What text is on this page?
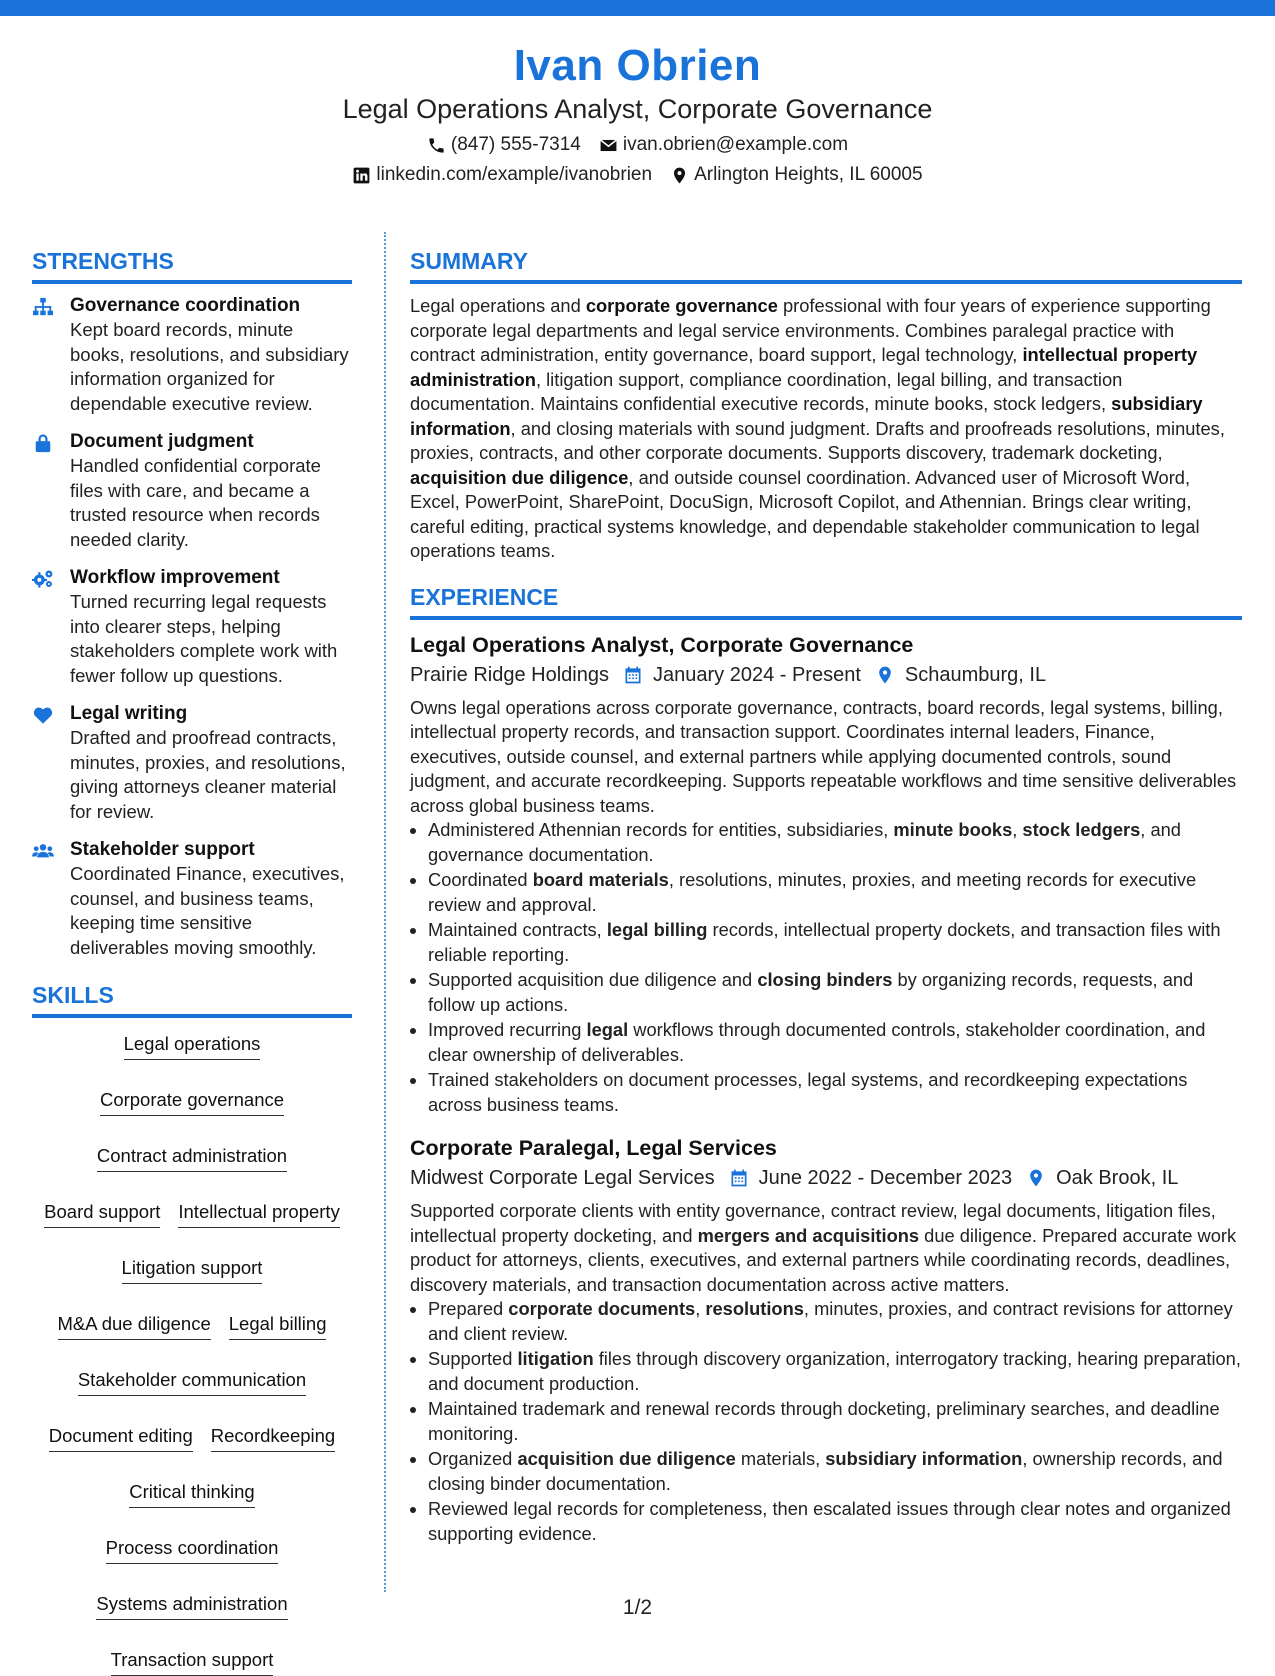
Ivan Obrien
Legal Operations Analyst, Corporate Governance
(847) 555-7314 ivan.obrien@example.com
linkedin.com/example/ivanobrien Arlington Heights, IL 60005
STRENGTHS
Governance coordination
Kept board records, minute books, resolutions, and subsidiary information organized for dependable executive review.
Document judgment
Handled confidential corporate files with care, and became a trusted resource when records needed clarity.
Workflow improvement
Turned recurring legal requests into clearer steps, helping stakeholders complete work with fewer follow up questions.
Legal writing
Drafted and proofread contracts, minutes, proxies, and resolutions, giving attorneys cleaner material for review.
Stakeholder support
Coordinated Finance, executives, counsel, and business teams, keeping time sensitive deliverables moving smoothly.
SKILLS
Legal operations
Corporate governance
Contract administration
Board support Intellectual property
Litigation support
M&A due diligence Legal billing
Stakeholder communication
Document editing Recordkeeping
Critical thinking
Process coordination
Systems administration
Transaction support
SUMMARY
Legal operations and corporate governance professional with four years of experience supporting corporate legal departments and legal service environments. Combines paralegal practice with contract administration, entity governance, board support, legal technology, intellectual property administration, litigation support, compliance coordination, legal billing, and transaction documentation. Maintains confidential executive records, minute books, stock ledgers, subsidiary information, and closing materials with sound judgment. Drafts and proofreads resolutions, minutes, proxies, contracts, and other corporate documents. Supports discovery, trademark docketing, acquisition due diligence, and outside counsel coordination. Advanced user of Microsoft Word, Excel, PowerPoint, SharePoint, DocuSign, Microsoft Copilot, and Athennian. Brings clear writing, careful editing, practical systems knowledge, and dependable stakeholder communication to legal operations teams.
EXPERIENCE
Legal Operations Analyst, Corporate Governance
Prairie Ridge Holdings January 2024 - Present Schaumburg, IL
Owns legal operations across corporate governance, contracts, board records, legal systems, billing, intellectual property records, and transaction support. Coordinates internal leaders, Finance, executives, outside counsel, and external partners while applying documented controls, sound judgment, and accurate recordkeeping. Supports repeatable workflows and time sensitive deliverables across global business teams.
• Administered Athennian records for entities, subsidiaries, minute books, stock ledgers, and governance documentation.
• Coordinated board materials, resolutions, minutes, proxies, and meeting records for executive review and approval.
• Maintained contracts, legal billing records, intellectual property dockets, and transaction files with reliable reporting.
• Supported acquisition due diligence and closing binders by organizing records, requests, and follow up actions.
• Improved recurring legal workflows through documented controls, stakeholder coordination, and clear ownership of deliverables.
• Trained stakeholders on document processes, legal systems, and recordkeeping expectations across business teams.
Corporate Paralegal, Legal Services
Midwest Corporate Legal Services June 2022 - December 2023 Oak Brook, IL
Supported corporate clients with entity governance, contract review, legal documents, litigation files, intellectual property docketing, and mergers and acquisitions due diligence. Prepared accurate work product for attorneys, clients, executives, and external partners while coordinating records, deadlines, discovery materials, and transaction documentation across active matters.
• Prepared corporate documents, resolutions, minutes, proxies, and contract revisions for attorney and client review.
• Supported litigation files through discovery organization, interrogatory tracking, hearing preparation, and document production.
• Maintained trademark and renewal records through docketing, preliminary searches, and deadline monitoring.
• Organized acquisition due diligence materials, subsidiary information, ownership records, and closing binder documentation.
• Reviewed legal records for completeness, then escalated issues through clear notes and organized supporting evidence.
1/2
